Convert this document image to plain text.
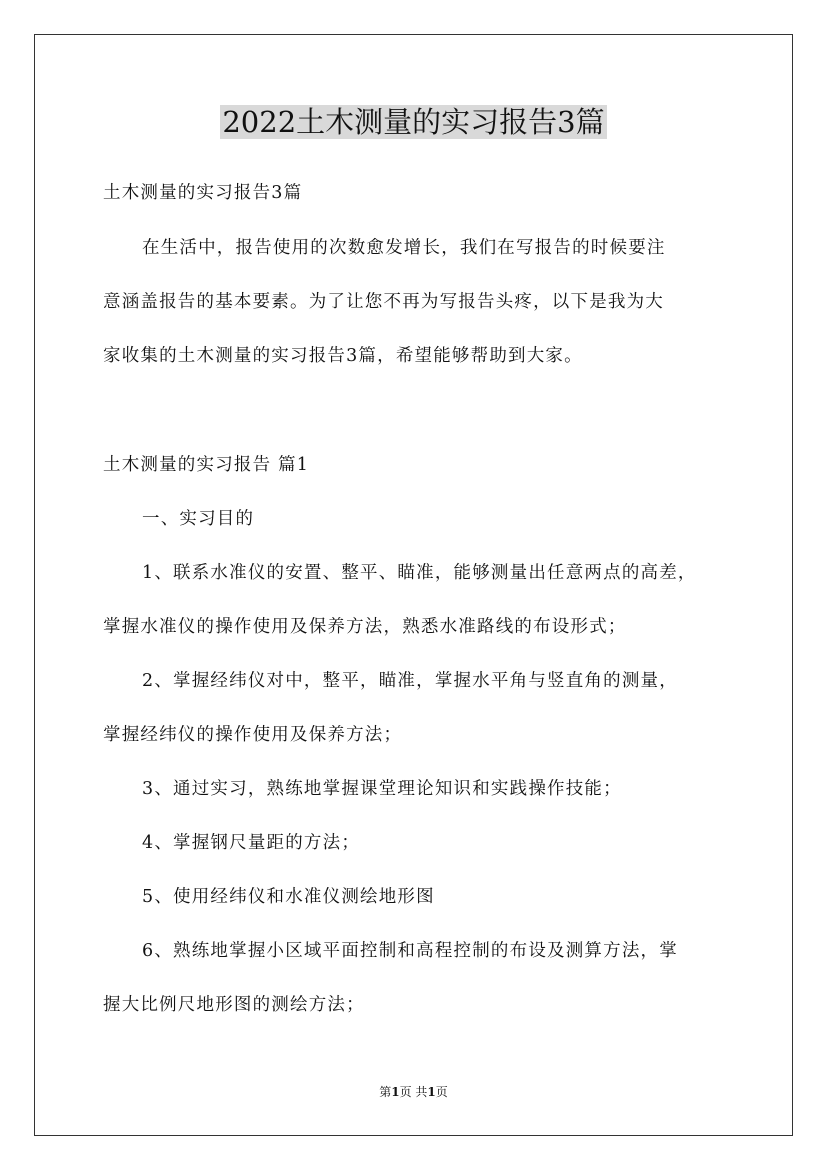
2022土木测量的实习报告3篇
土木测量的实习报告3篇
在生活中，报告使用的次数愈发增长，我们在写报告的时候要注
意涵盖报告的基本要素。为了让您不再为写报告头疼，以下是我为大
家收集的土木测量的实习报告3篇，希望能够帮助到大家。
土木测量的实习报告 篇1
一、实习目的
1、联系水准仪的安置、整平、瞄准，能够测量出任意两点的高差，
掌握水准仪的操作使用及保养方法，熟悉水准路线的布设形式；
2、掌握经纬仪对中，整平，瞄准，掌握水平角与竖直角的测量，
掌握经纬仪的操作使用及保养方法；
3、通过实习，熟练地掌握课堂理论知识和实践操作技能；
4、掌握钢尺量距的方法；
5、使用经纬仪和水准仪测绘地形图
6、熟练地掌握小区域平面控制和高程控制的布设及测算方法，掌
握大比例尺地形图的测绘方法；
第1页 共1页
